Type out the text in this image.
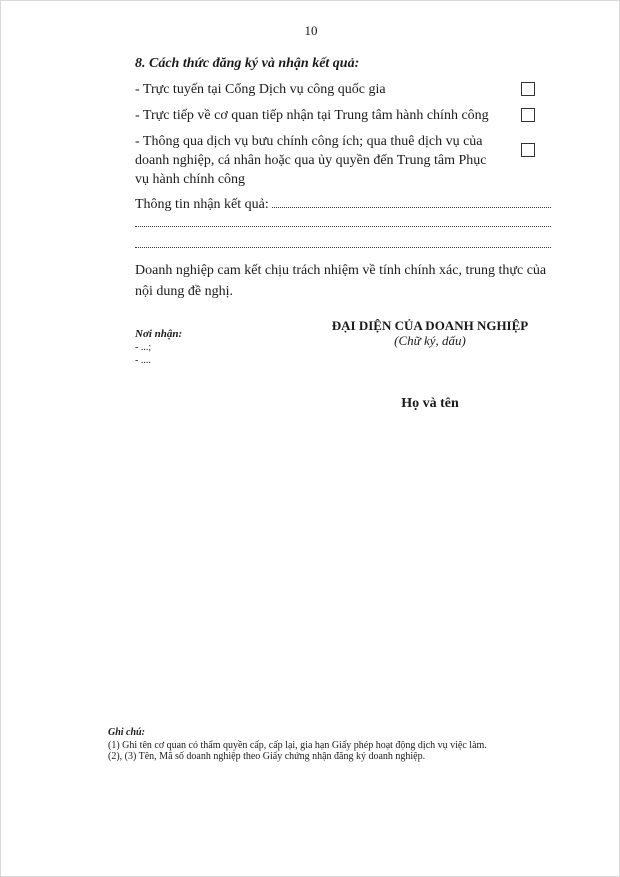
10
8. Cách thức đăng ký và nhận kết quả:
- Trực tuyến tại Cổng Dịch vụ công quốc gia
- Trực tiếp về cơ quan tiếp nhận tại Trung tâm hành chính công
- Thông qua dịch vụ bưu chính công ích; qua thuê dịch vụ của doanh nghiệp, cá nhân hoặc qua ủy quyền đến Trung tâm Phục vụ hành chính công
Thông tin nhận kết quả:
Doanh nghiệp cam kết chịu trách nhiệm về tính chính xác, trung thực của nội dung đề nghị.
ĐẠI DIỆN CỦA DOANH NGHIỆP
(Chữ ký, dấu)
Nơi nhận:
- ...;
- ....
Họ và tên
Ghi chú:
(1) Ghi tên cơ quan có thẩm quyền cấp, cấp lại, gia hạn Giấy phép hoạt động dịch vụ việc làm.
(2), (3) Tên, Mã số doanh nghiệp theo Giấy chứng nhận đăng ký doanh nghiệp.
